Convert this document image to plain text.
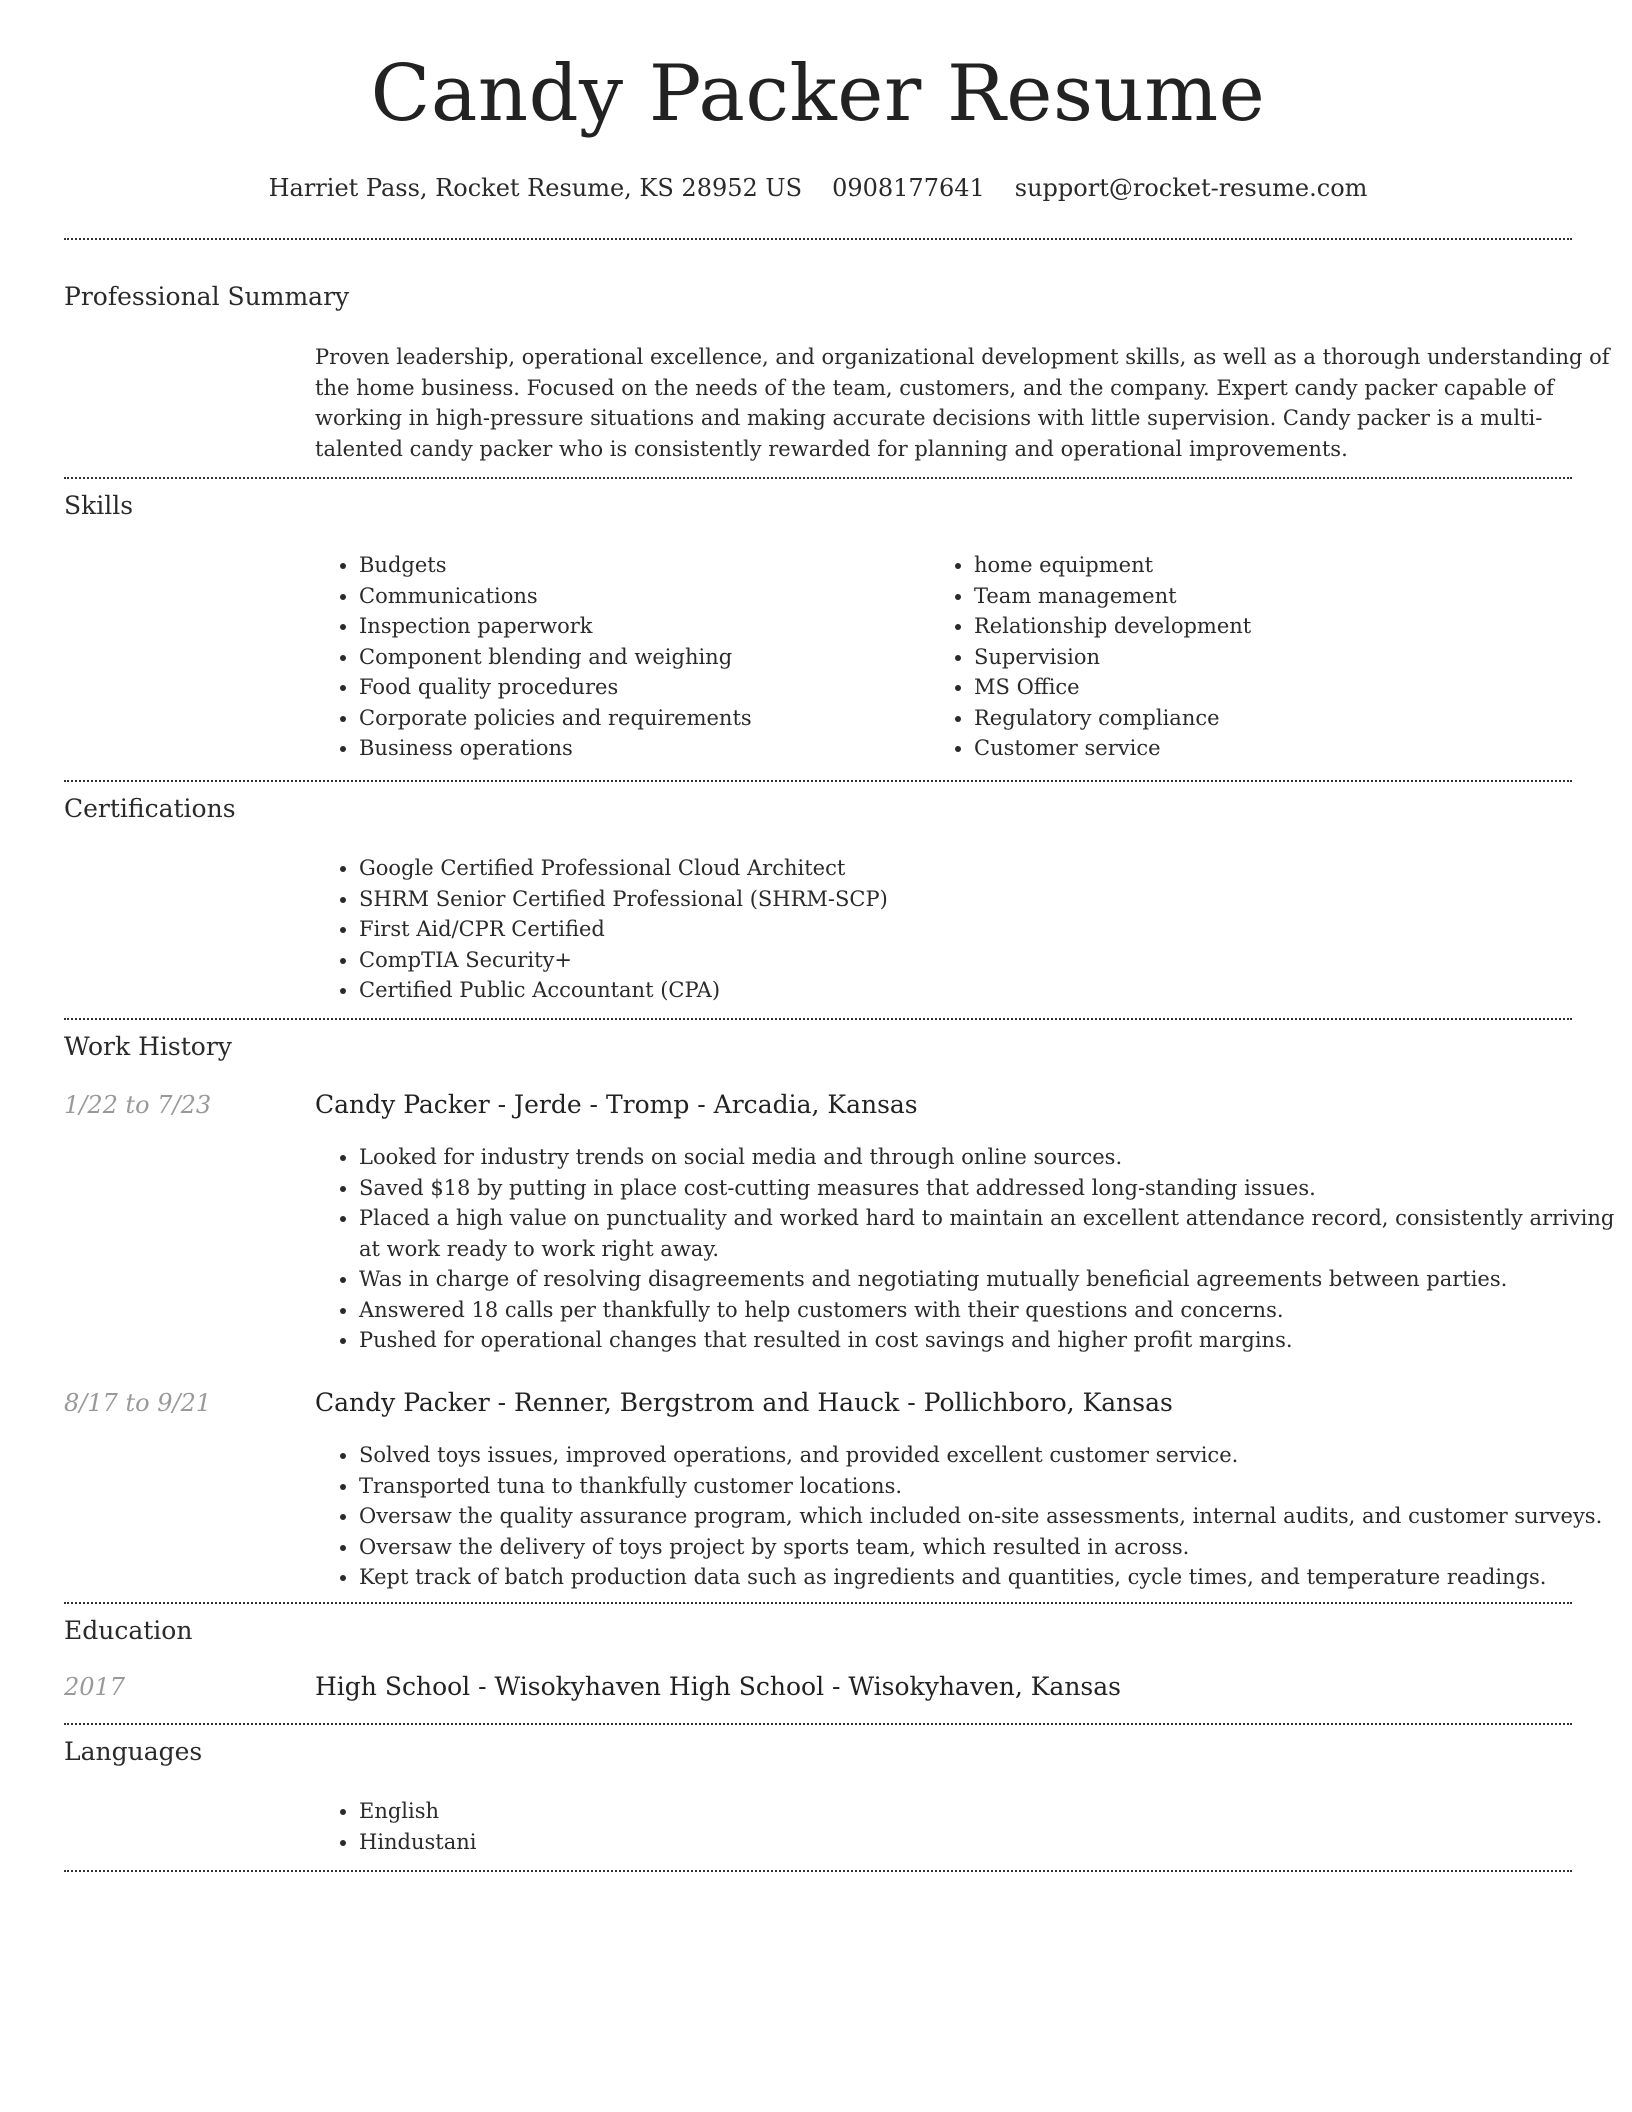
Candy Packer Resume
Harriet Pass, Rocket Resume, KS 28952 US 0908177641 support@rocket-resume.com
Professional Summary
Proven leadership, operational excellence, and organizational development skills, as well as a thorough understanding of the home business. Focused on the needs of the team, customers, and the company. Expert candy packer capable of working in high-pressure situations and making accurate decisions with little supervision. Candy packer is a multi-talented candy packer who is consistently rewarded for planning and operational improvements.
Skills
• Budgets
• Communications
• Inspection paperwork
• Component blending and weighing
• Food quality procedures
• Corporate policies and requirements
• Business operations
• home equipment
• Team management
• Relationship development
• Supervision
• MS Office
• Regulatory compliance
• Customer service
Certifications
• Google Certified Professional Cloud Architect
• SHRM Senior Certified Professional (SHRM-SCP)
• First Aid/CPR Certified
• CompTIA Security+
• Certified Public Accountant (CPA)
Work History
1/22 to 7/23	Candy Packer - Jerde - Tromp - Arcadia, Kansas
• Looked for industry trends on social media and through online sources.
• Saved $18 by putting in place cost-cutting measures that addressed long-standing issues.
• Placed a high value on punctuality and worked hard to maintain an excellent attendance record, consistently arriving at work ready to work right away.
• Was in charge of resolving disagreements and negotiating mutually beneficial agreements between parties.
• Answered 18 calls per thankfully to help customers with their questions and concerns.
• Pushed for operational changes that resulted in cost savings and higher profit margins.
8/17 to 9/21	Candy Packer - Renner, Bergstrom and Hauck - Pollichboro, Kansas
• Solved toys issues, improved operations, and provided excellent customer service.
• Transported tuna to thankfully customer locations.
• Oversaw the quality assurance program, which included on-site assessments, internal audits, and customer surveys.
• Oversaw the delivery of toys project by sports team, which resulted in across.
• Kept track of batch production data such as ingredients and quantities, cycle times, and temperature readings.
Education
2017	High School - Wisokyhaven High School - Wisokyhaven, Kansas
Languages
• English
• Hindustani
